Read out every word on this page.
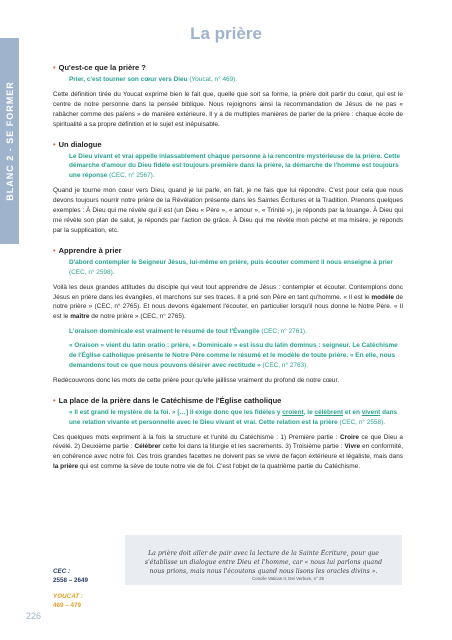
BLANC 2 - SE FORMER
La prière
• Qu'est-ce que la prière ?
Prier, c'est tourner son cœur vers Dieu (Youcat, n° 469).

Cette définition tirée du Youcat exprime bien le fait que, quelle que soit sa forme, la prière doit partir du cœur, qui est le centre de notre personne dans la pensée biblique. Nous rejoignons ainsi la recommandation de Jésus de ne pas « rabâcher comme des païens » de manière extérieure. Il y a de multiples manières de parler de la prière : chaque école de spiritualité a sa propre définition et le sujet est inépuisable.

• Un dialogue
Le Dieu vivant et vrai appelle inlassablement chaque personne à la rencontre mystérieuse de la prière. Cette démarche d'amour du Dieu fidèle est toujours première dans la prière, la démarche de l'homme est toujours une réponse (CEC, n° 2567).

Quand je tourne mon cœur vers Dieu, quand je lui parle, en fait, je ne fais que lui répondre. C'est pour cela que nous devons toujours nourrir notre prière de la Révélation présente dans les Saintes Écritures et la Tradition. Prenons quelques exemples : À Dieu qui me révèle qui il est (un Dieu « Père », « amour », « Trinité »), je réponds par la louange. À Dieu qui me révèle son plan de salut, je réponds par l'action de grâce. À Dieu qui me révèle mon péché et ma misère, je réponds par la supplication, etc.

• Apprendre à prier
D'abord contempler le Seigneur Jésus, lui-même en prière, puis écouter comment il nous enseigne à prier (CEC, n° 2598).

Voilà les deux grandes attitudes du disciple qui veut tout apprendre de Jésus : contempler et écouter. Contemplons donc Jésus en prière dans les évangiles, et marchons sur ses traces. Il a prié son Père en tant qu'homme. « Il est le modèle de notre prière » (CEC, n° 2765). Et nous devons également l'écouter, en particulier lorsqu'il nous donne le Notre Père. « Il est le maître de notre prière » (CEC, n° 2765).

L'oraison dominicale est vraiment le résumé de tout l'Évangile (CEC, n° 2761).
« Oraison » vient du latin oratio : prière, « Dominicale » est issu du latin dominus : seigneur. Le Catéchisme de l'Église catholique présente le Notre Père comme le résumé et le modèle de toute prière. « En elle, nous demandons tout ce que nous pouvons désirer avec rectitude » (CEC, n° 2763).

Redécouvrons donc les mots de cette prière pour qu'elle jaillisse vraiment du profond de notre cœur.

• La place de la prière dans le Catéchisme de l'Église catholique
« Il est grand le mystère de la foi. » […] Il exige donc que les fidèles y croient, le célèbrent et en vivent dans une relation vivante et personnelle avec le Dieu vivant et vrai. Cette relation est la prière (CEC, n° 2558).

Ces quelques mots expriment à la fois la structure et l'unité du Catéchisme : 1) Première partie : Croire ce que Dieu a révélé. 2) Deuxième partie : Célébrer cette foi dans la liturgie et les sacrements. 3) Troisième partie : Vivre en conformité, en cohérence avec notre foi. Ces trois grandes facettes ne doivent pas se vivre de façon extérieure et légaliste, mais dans la prière qui est comme la sève de toute notre vie de foi. C'est l'objet de la quatrième partie du Catéchisme.

La prière doit aller de pair avec la lecture de la Sainte Écriture, pour que s'établisse un dialogue entre Dieu et l'homme, car « nous lui parlons quand nous prions, mais nous l'écoutons quand nous lisons les oracles divins ».
Concile Vatican II, Dei Verbum, n° 25
CEC :
2558 – 2649
YOUCAT :
469 – 479
226
